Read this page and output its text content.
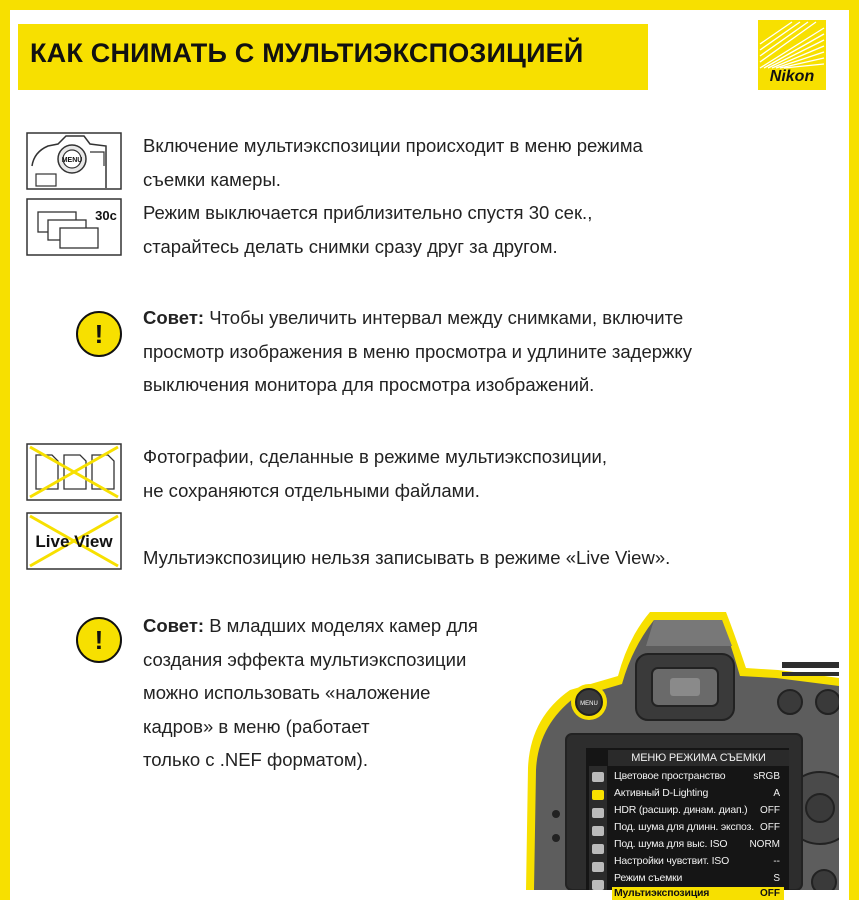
КАК СНИМАТЬ С МУЛЬТИЭКСПОЗИЦИЕЙ
Nikon
MENU
30с
Включение мультиэкспозиции происходит в меню режима
съемки камеры.
Режим выключается приблизительно спустя 30 сек.,
старайтесь делать снимки сразу друг за другом.
!
Совет: Чтобы увеличить интервал между снимками, включите
просмотр изображения в меню просмотра и удлините задержку
выключения монитора для просмотра изображений.
Фотографии, сделанные в режиме мультиэкспозиции,
не сохраняются отдельными файлами.
Live View
Мультиэкспозицию нельзя записывать в режиме «Live View».
!	Совет: В младших моделях камер для
создания эффекта мультиэкспозиции
можно использовать «наложение
кадров» в меню (работает
только с .NEF форматом).
MENU
МЕНЮ РЕЖИМА СЪЕМКИ
Цветовое пространство	sRGB
Активный D-Lighting	A
HDR (расшир. динам. диап.) OFF
Под. шума для длинн. экспоз. OFF
Под. шума для выс. ISO NORM
Настройки чувствит. ISO	--
Режим съемки	S
Мультиэкспозиция	OFF
